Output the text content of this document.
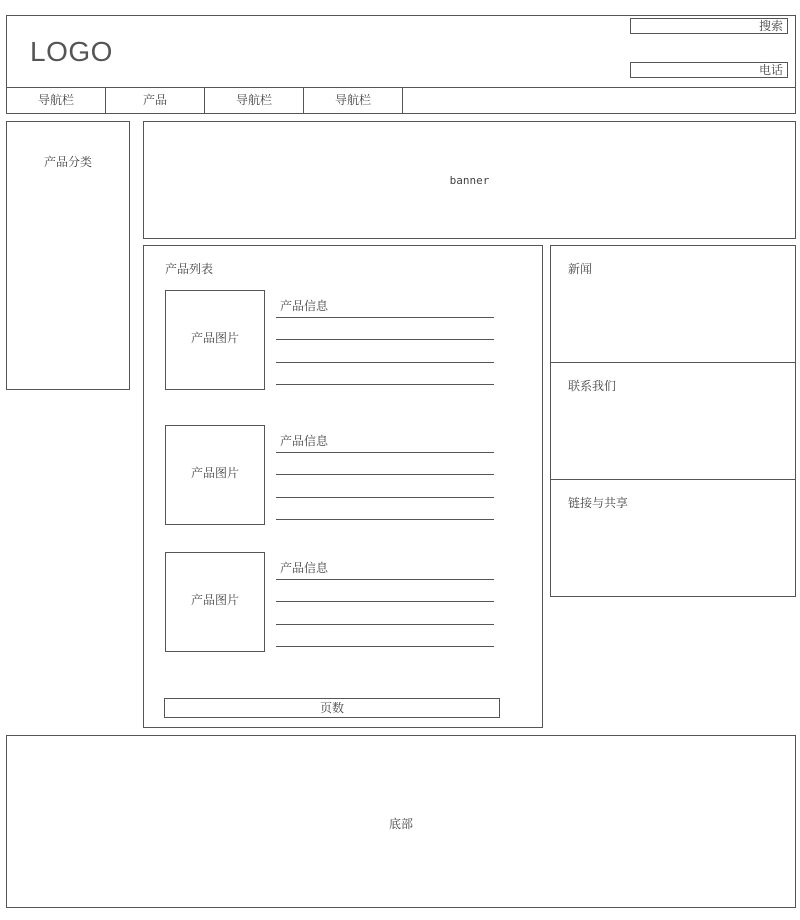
LOGO
搜索
电话
导航栏	产品	导航栏	导航栏
产品分类
banner
产品列表
产品图片
产品信息
产品图片
产品信息
产品图片
产品信息
页数
新闻
联系我们
链接与共享
底部
